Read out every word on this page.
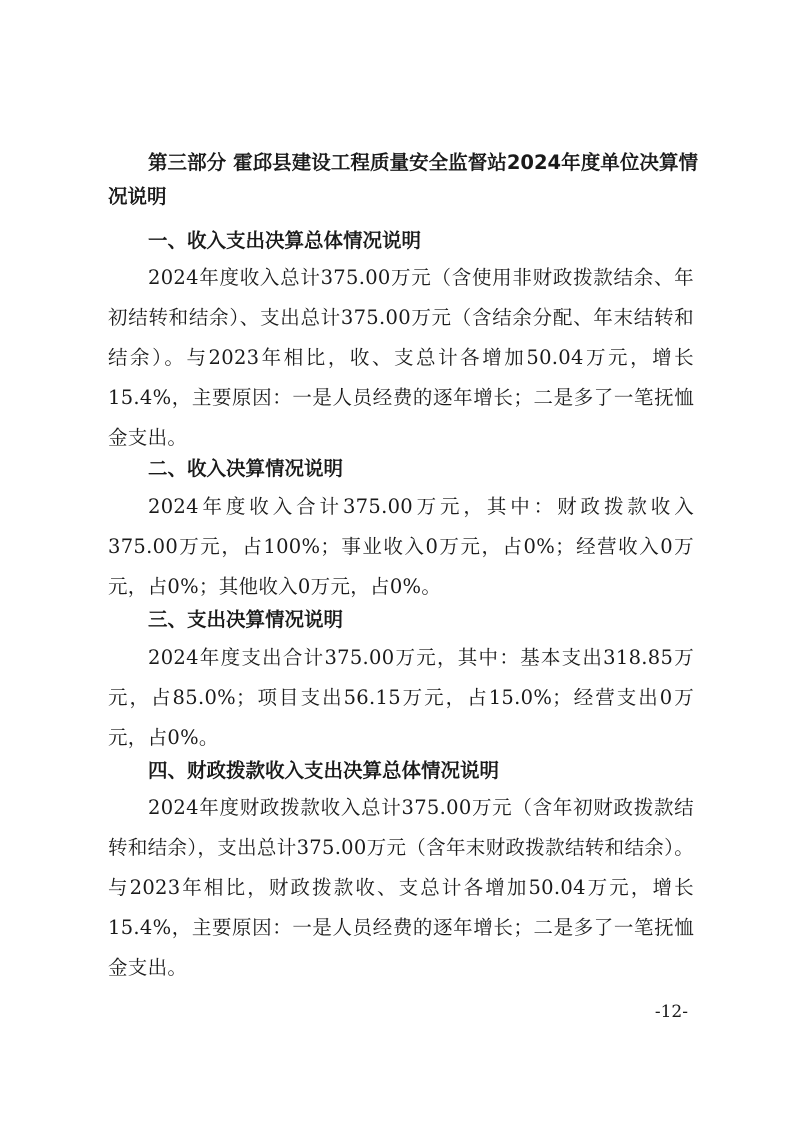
第三部分 霍邱县建设工程质量安全监督站2024年度单位决算情况说明
一、收入支出决算总体情况说明

2024年度收入总计375.00万元（含使用非财政拨款结余、年初结转和结余）、支出总计375.00万元（含结余分配、年末结转和结余）。与2023年相比，收、支总计各增加50.04万元，增长15.4%，主要原因：一是人员经费的逐年增长；二是多了一笔抚恤金支出。

二、收入决算情况说明

2024年度收入合计375.00万元，其中：财政拨款收入375.00万元，占100%；事业收入0万元，占0%；经营收入0万元，占0%；其他收入0万元，占0%。

三、支出决算情况说明

2024年度支出合计375.00万元，其中：基本支出318.85万元，占85.0%；项目支出56.15万元，占15.0%；经营支出0万元，占0%。

四、财政拨款收入支出决算总体情况说明

2024年度财政拨款收入总计375.00万元（含年初财政拨款结转和结余），支出总计375.00万元（含年末财政拨款结转和结余）。与2023年相比，财政拨款收、支总计各增加50.04万元，增长15.4%，主要原因：一是人员经费的逐年增长；二是多了一笔抚恤金支出。

-12-
